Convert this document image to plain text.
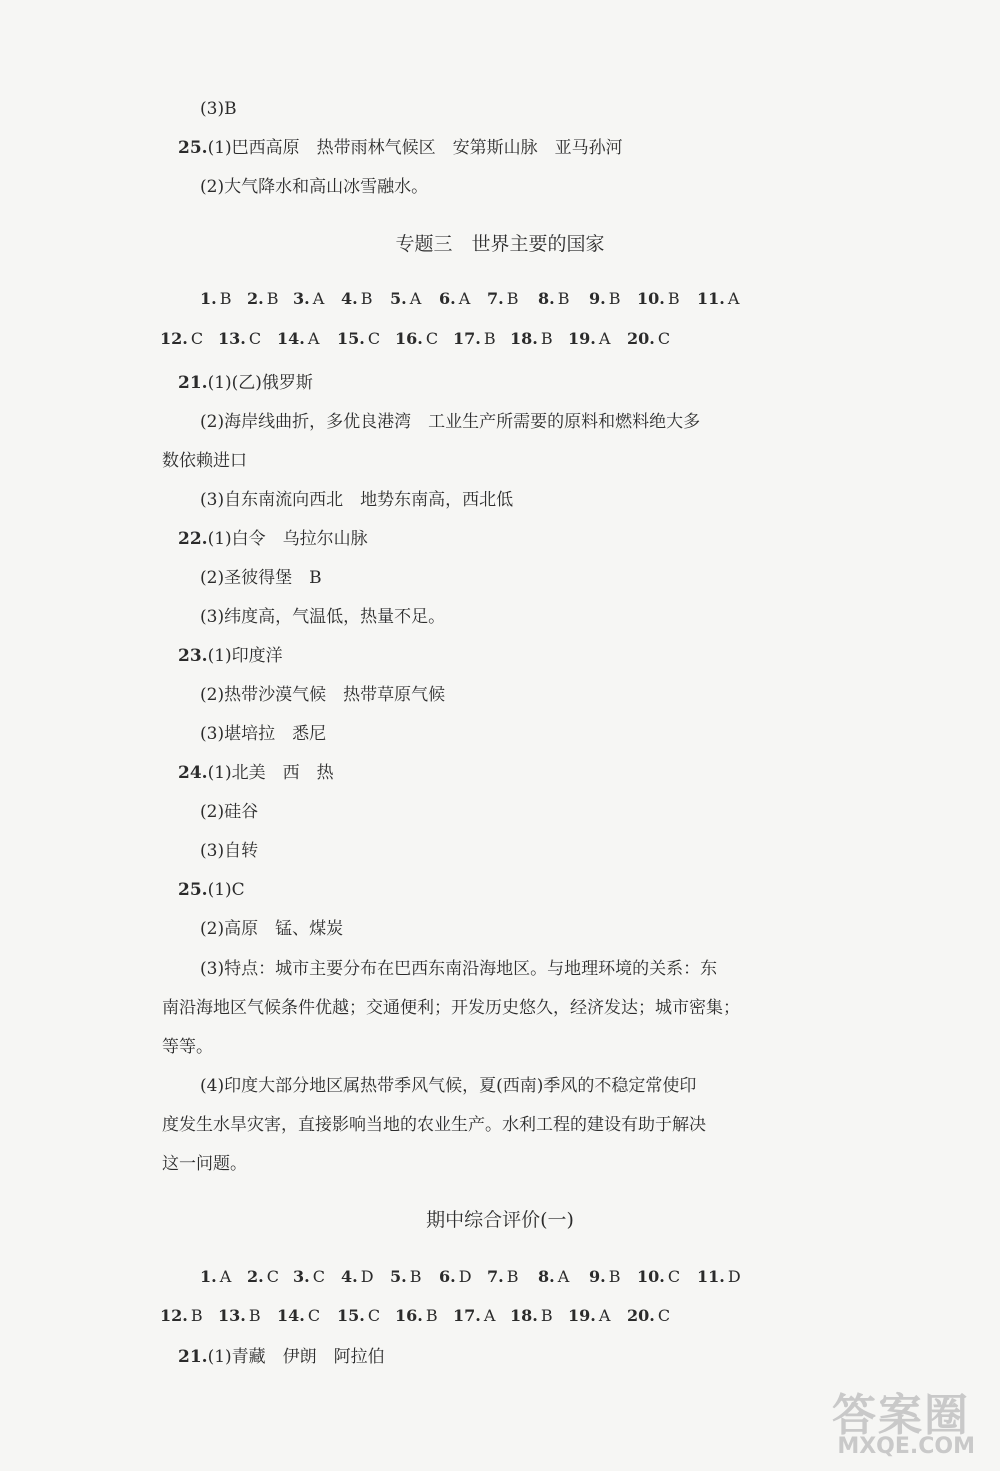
(3)B
25.(1)巴西高原　热带雨林气候区　安第斯山脉　亚马孙河
(2)大气降水和高山冰雪融水。
专题三　世界主要的国家
1. B 2. B 3. A 4. B 5. A 6. A 7. B 8. B 9. B 10. B 11. A
12. C 13. C 14. A 15. C 16. C 17. B 18. B 19. A 20. C
21.(1)(乙)俄罗斯
(2)海岸线曲折，多优良港湾　工业生产所需要的原料和燃料绝大多
数依赖进口
(3)自东南流向西北　地势东南高，西北低
22.(1)白令　乌拉尔山脉
(2)圣彼得堡　B
(3)纬度高，气温低，热量不足。
23.(1)印度洋
(2)热带沙漠气候　热带草原气候
(3)堪培拉　悉尼
24.(1)北美　西　热
(2)硅谷
(3)自转
25.(1)C
(2)高原　锰、煤炭
(3)特点：城市主要分布在巴西东南沿海地区。与地理环境的关系：东
南沿海地区气候条件优越；交通便利；开发历史悠久，经济发达；城市密集；
等等。
(4)印度大部分地区属热带季风气候，夏(西南)季风的不稳定常使印
度发生水旱灾害，直接影响当地的农业生产。水利工程的建设有助于解决
这一问题。
期中综合评价(一)
1. A 2. C 3. C 4. D 5. B 6. D 7. B 8. A 9. B 10. C 11. D
12. B 13. B 14. C 15. C 16. B 17. A 18. B 19. A 20. C
21.(1)青藏　伊朗　阿拉伯
答案圈
MXQE.COM
